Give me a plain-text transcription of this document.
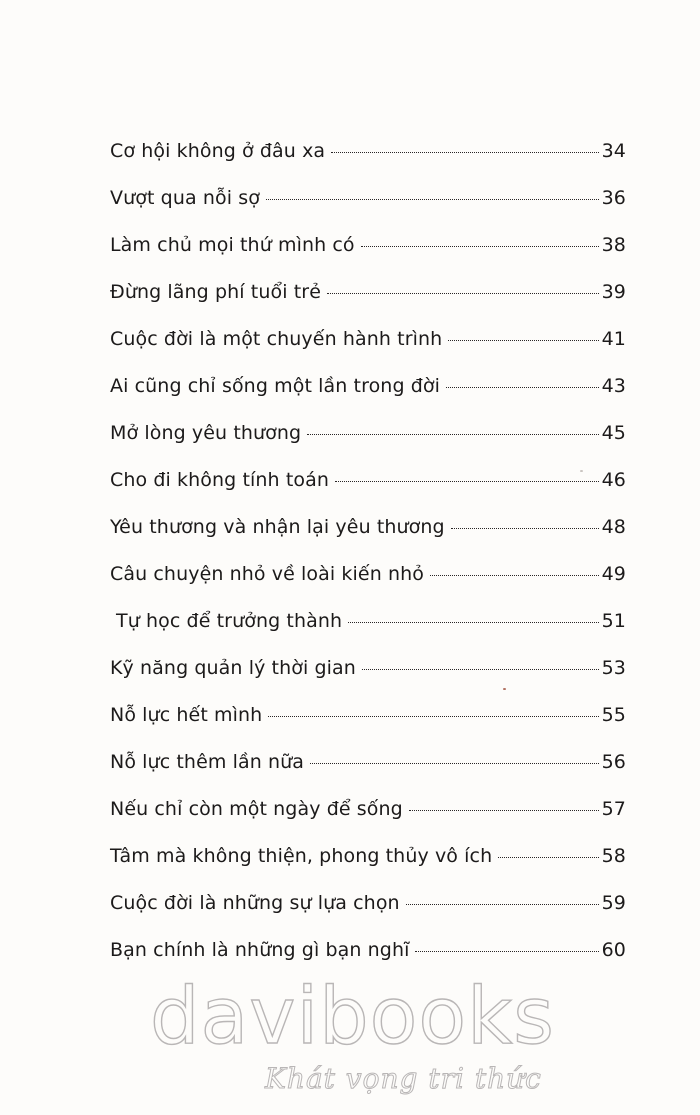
Cơ hội không ở đâu xa	34
Vượt qua nỗi sợ	36
Làm chủ mọi thứ mình có	38
Đừng lãng phí tuổi trẻ	39
Cuộc đời là một chuyến hành trình	41
Ai cũng chỉ sống một lần trong đời	43
Mở lòng yêu thương	45
Cho đi không tính toán	46
Yêu thương và nhận lại yêu thương	48
Câu chuyện nhỏ về loài kiến nhỏ	49
Tự học để trưởng thành	51
Kỹ năng quản lý thời gian	53
Nỗ lực hết mình	55
Nỗ lực thêm lần nữa	56
Nếu chỉ còn một ngày để sống	57
Tâm mà không thiện, phong thủy vô ích	58
Cuộc đời là những sự lựa chọn	59
Bạn chính là những gì bạn nghĩ	60
davibooks
Khát vọng tri thức
